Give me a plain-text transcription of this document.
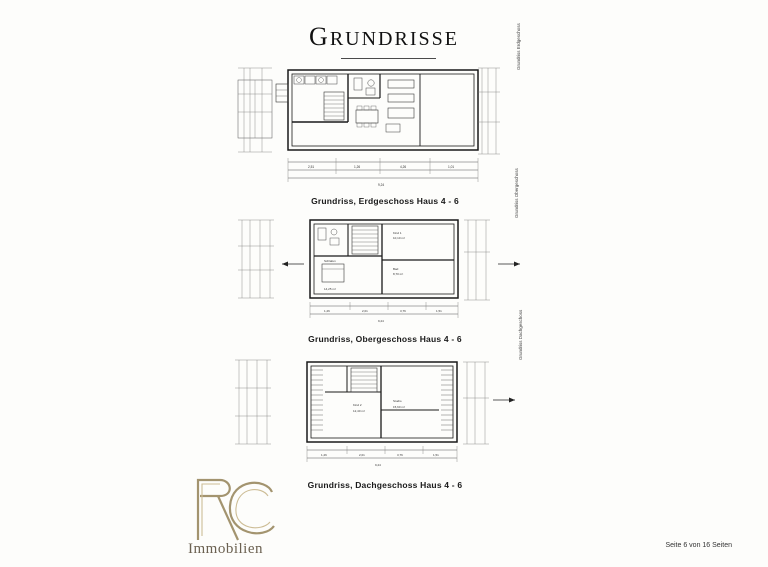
GRUNDRISSE
2,51	1,26	4,26	1,01
9,24
Grundriss, Erdgeschoss Haus 4 - 6
1,26	2,01	3,76	1,51
9,24
Kind 1
10,10 m²
Bad
8,70 m²
Schlafen
14,25 m²
Grundriss, Obergeschoss Haus 4 - 6
1,26	2,01	3,76	1,51
9,24
Kind 2
12,40 m²
Studio
15,60 m²
Grundriss, Dachgeschoss Haus 4 - 6
Grundriss Erdgeschoss
Grundriss Obergeschoss
Grundriss Dachgeschoss
Immobilien	Seite 6 von 16 Seiten
